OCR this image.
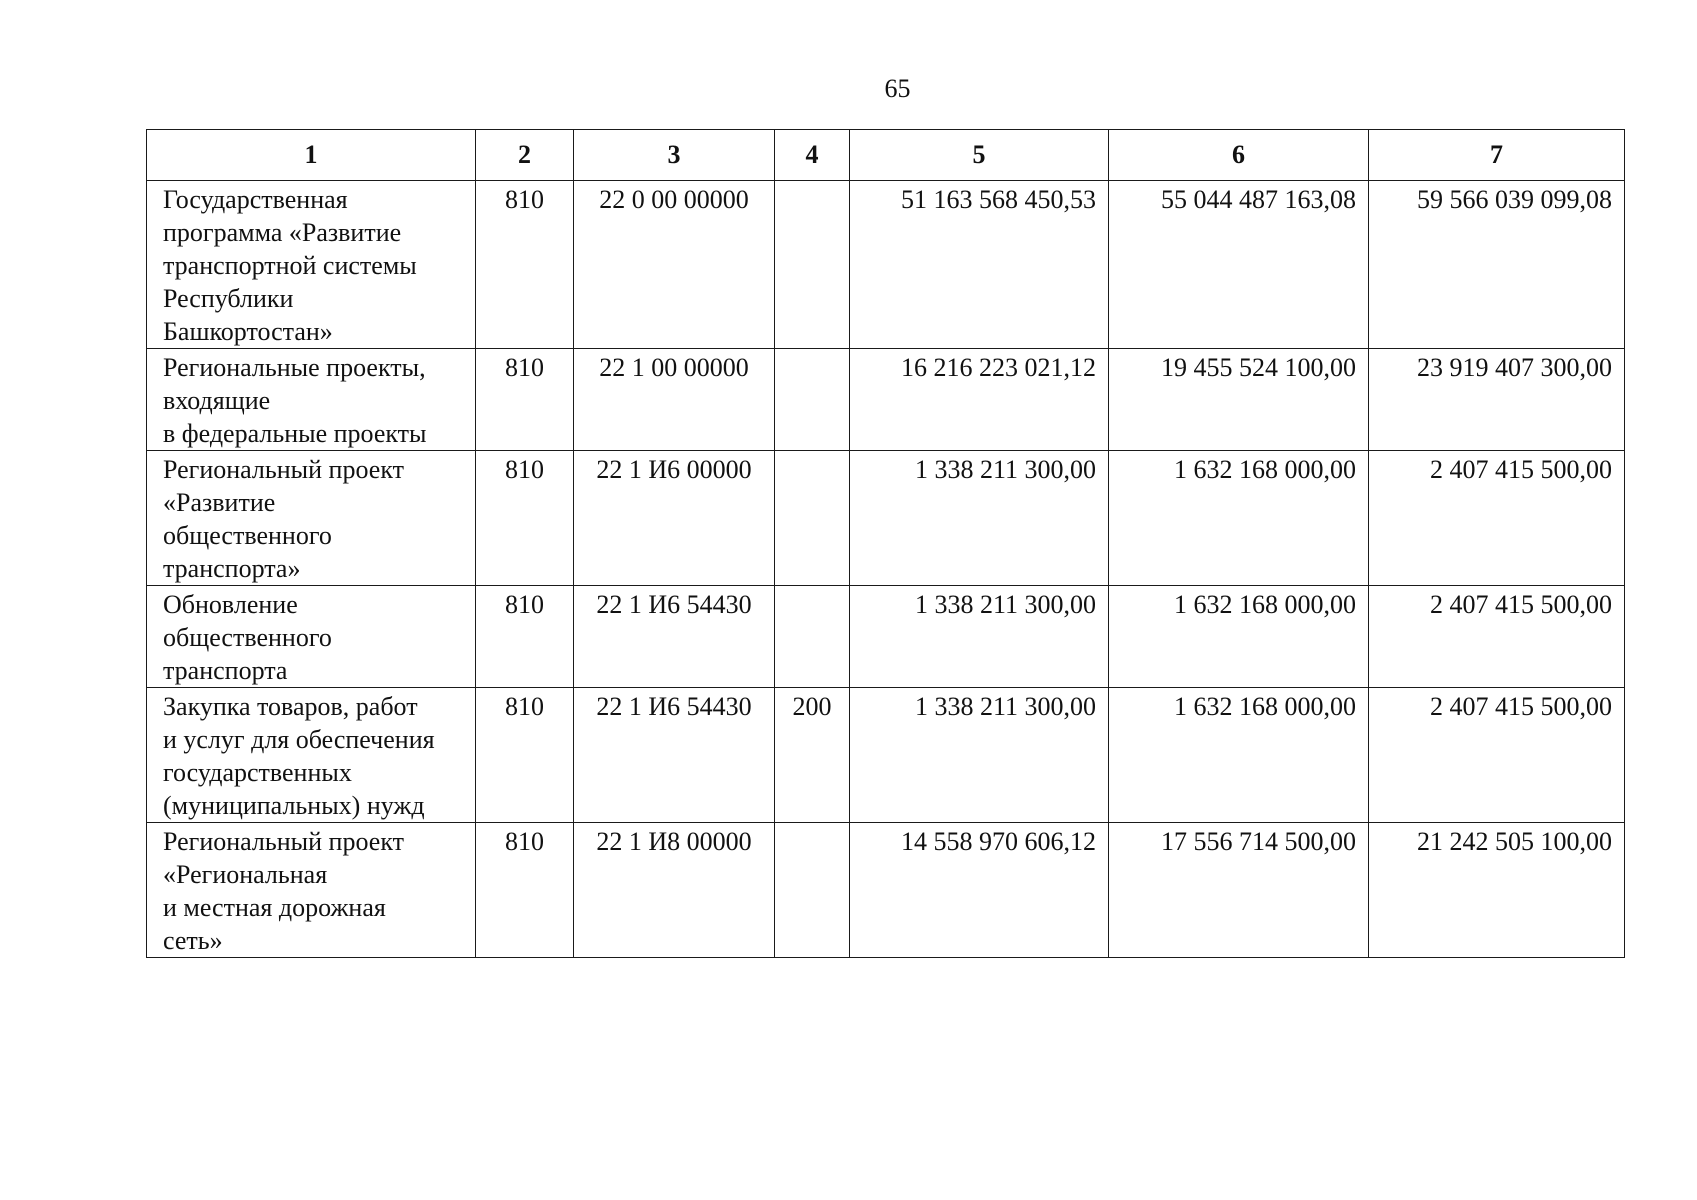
65
1	2	3	4	5	6	7

Государственная
программа «Развитие
транспортной системы
Республики
Башкортостан»	810	22 0 00 00000		51 163 568 450,53	55 044 487 163,08	59 566 039 099,08

Региональные проекты,
входящие
в федеральные проекты	810	22 1 00 00000		16 216 223 021,12	19 455 524 100,00	23 919 407 300,00

Региональный проект
«Развитие
общественного
транспорта»	810	22 1 И6 00000		1 338 211 300,00	1 632 168 000,00	2 407 415 500,00

Обновление
общественного
транспорта	810	22 1 И6 54430		1 338 211 300,00	1 632 168 000,00	2 407 415 500,00

Закупка товаров, работ
и услуг для обеспечения
государственных
(муниципальных) нужд	810	22 1 И6 54430	200	1 338 211 300,00	1 632 168 000,00	2 407 415 500,00

Региональный проект
«Региональная
и местная дорожная
сеть»	810	22 1 И8 00000		14 558 970 606,12	17 556 714 500,00	21 242 505 100,00
